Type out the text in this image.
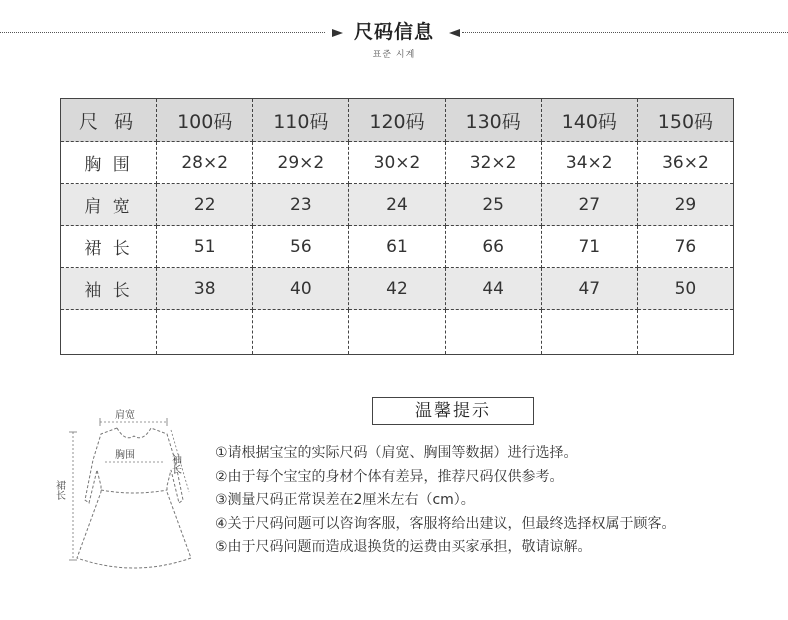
尺码信息
표준 시계
尺 码	100码	110码	120码	130码	140码	150码
胸 围	28×2	29×2	30×2	32×2	34×2	36×2
肩 宽	22	23	24	25	27	29
裙 长	51	56	61	66	71	76
袖 长	38	40	42	44	47	50

肩宽
胸围	袖长
裙长
温馨提示
①请根据宝宝的实际尺码（肩宽、胸围等数据）进行选择。
②由于每个宝宝的身材个体有差异，推荐尺码仅供参考。
③测量尺码正常误差在2厘米左右（cm）。
④关于尺码问题可以咨询客服，客服将给出建议，但最终选择权属于顾客。
⑤由于尺码问题而造成退换货的运费由买家承担，敬请谅解。
